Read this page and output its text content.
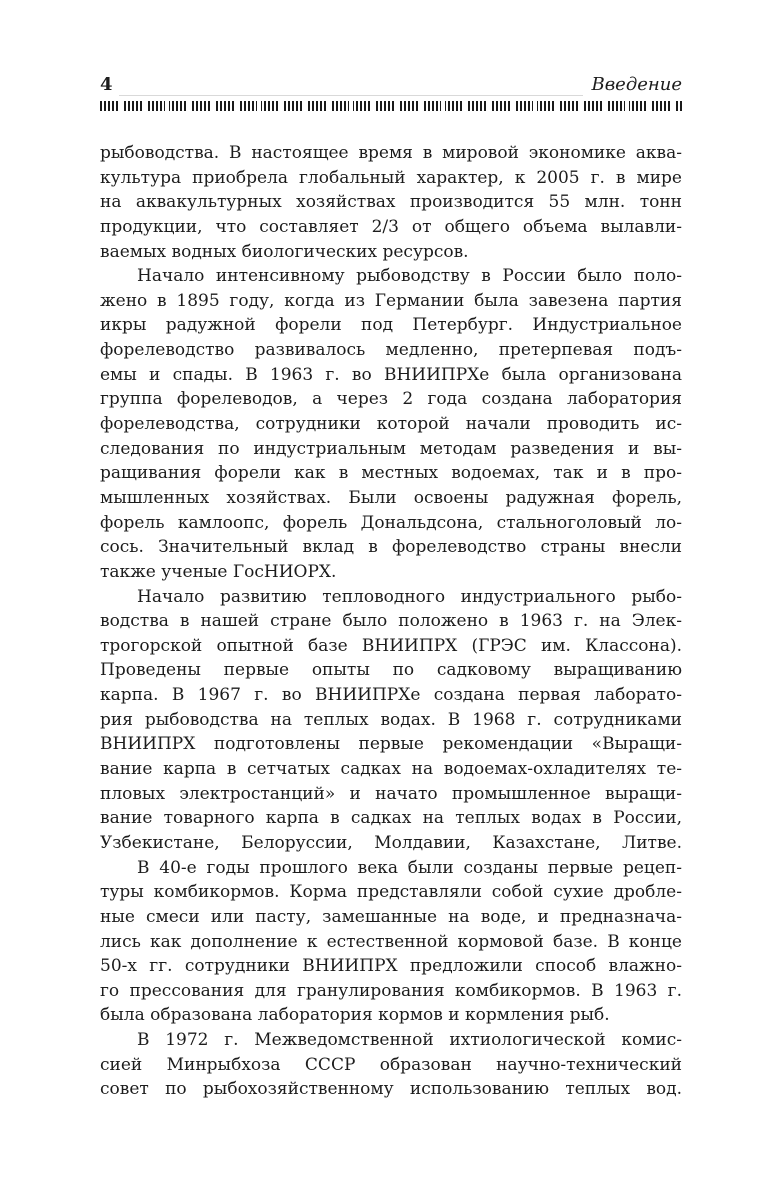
4	Введение
рыбоводства. В настоящее время в мировой экономике аква-
культура приобрела глобальный характер, к 2005 г. в мире
на аквакультурных хозяйствах производится 55 млн. тонн
продукции, что составляет 2/3 от общего объема вылавли-
ваемых водных биологических ресурсов.
Начало интенсивному рыбоводству в России было поло-
жено в 1895 году, когда из Германии была завезена партия
икры радужной форели под Петербург. Индустриальное
форелеводство развивалось медленно, претерпевая подъ-
емы и спады. В 1963 г. во ВНИИПРХе была организована
группа форелеводов, а через 2 года создана лаборатория
форелеводства, сотрудники которой начали проводить ис-
следования по индустриальным методам разведения и вы-
ращивания форели как в местных водоемах, так и в про-
мышленных хозяйствах. Были освоены радужная форель,
форель камлоопс, форель Дональдсона, стальноголовый ло-
сось. Значительный вклад в форелеводство страны внесли
также ученые ГосНИОРХ.
Начало развитию тепловодного индустриального рыбо-
водства в нашей стране было положено в 1963 г. на Элек-
трогорской опытной базе ВНИИПРХ (ГРЭС им. Классона).
Проведены первые опыты по садковому выращиванию
карпа. В 1967 г. во ВНИИПРХе создана первая лаборато-
рия рыбоводства на теплых водах. В 1968 г. сотрудниками
ВНИИПРХ подготовлены первые рекомендации «Выращи-
вание карпа в сетчатых садках на водоемах-охладителях те-
пловых электростанций» и начато промышленное выращи-
вание товарного карпа в садках на теплых водах в России,
Узбекистане, Белоруссии, Молдавии, Казахстане, Литве.
В 40-е годы прошлого века были созданы первые рецеп-
туры комбикормов. Корма представляли собой сухие дробле-
ные смеси или пасту, замешанные на воде, и предназнача-
лись как дополнение к естественной кормовой базе. В конце
50-х гг. сотрудники ВНИИПРХ предложили способ влажно-
го прессования для гранулирования комбикормов. В 1963 г.
была образована лаборатория кормов и кормления рыб.
В 1972 г. Межведомственной ихтиологической комис-
сией Минрыбхоза СССР образован научно-технический
совет по рыбохозяйственному использованию теплых вод.
